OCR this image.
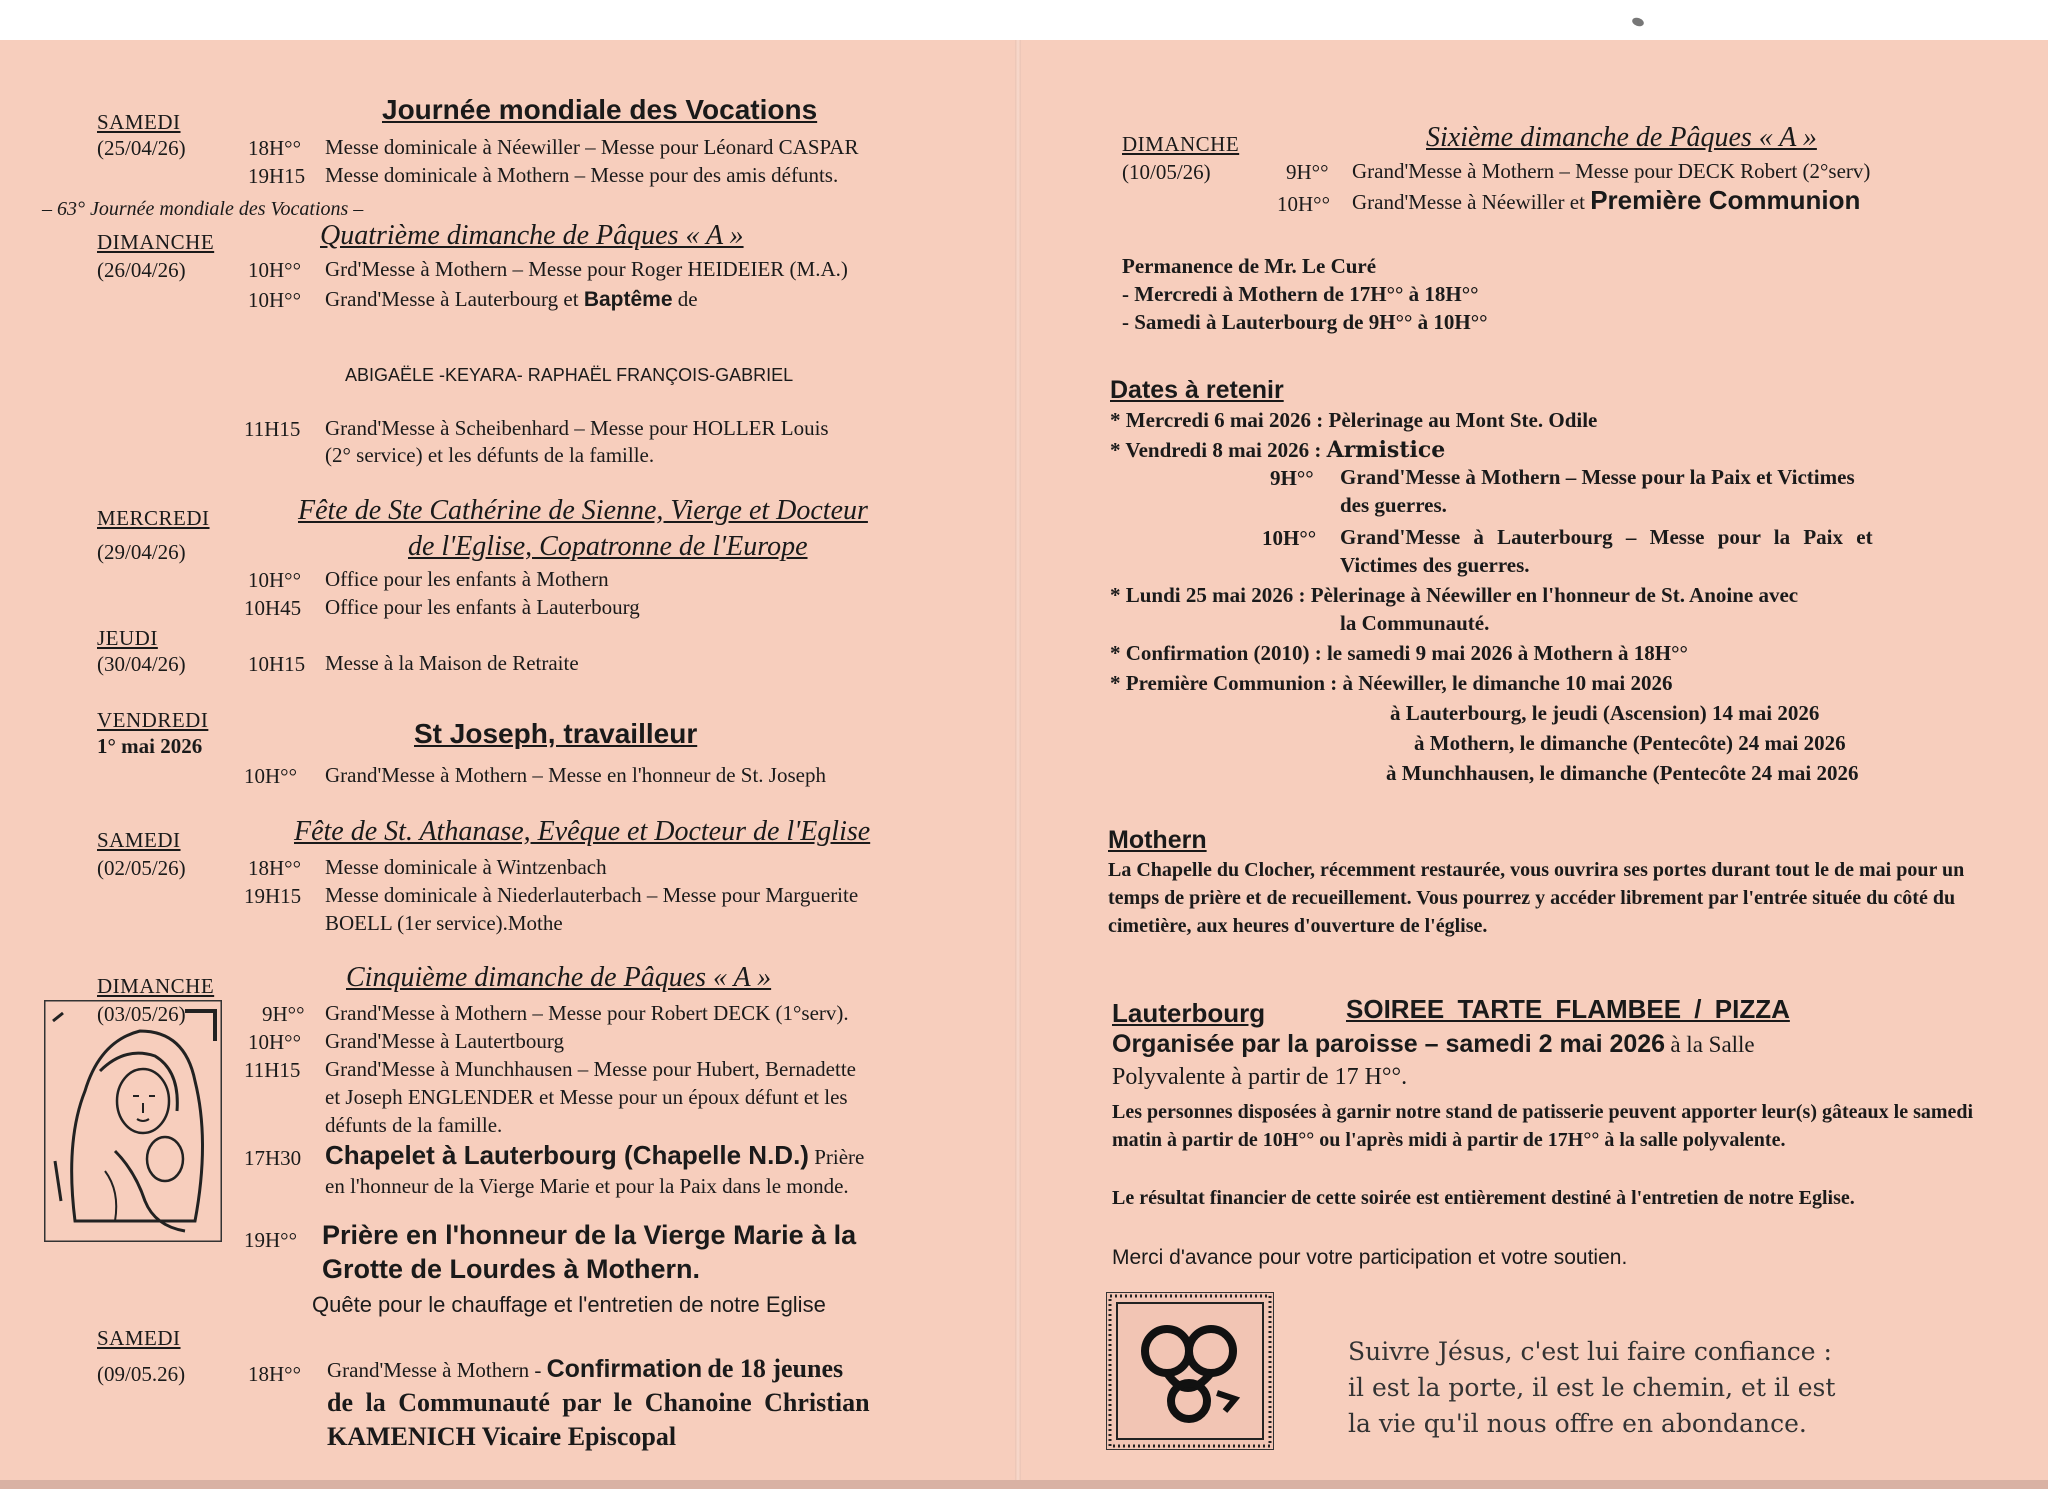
SAMEDI	Journée mondiale des Vocations
(25/04/26)	18H°° Messe dominicale à Néewiller – Messe pour Léonard CASPAR
19H15 Messe dominicale à Mothern – Messe pour des amis défunts.
– 63° Journée mondiale des Vocations –
DIMANCHE	Quatrième dimanche de Pâques « A »
(26/04/26)	10H°° Grd'Messe à Mothern – Messe pour Roger HEIDEIER (M.A.)
10H°° Grand'Messe à Lauterbourg et Baptême de
ABIGAËLE -KEYARA- RAPHAËL FRANÇOIS-GABRIEL
11H15 Grand'Messe à Scheibenhard – Messe pour HOLLER Louis
(2° service) et les défunts de la famille.
MERCREDI	Fête de Ste Cathérine de Sienne, Vierge et Docteur
de l'Eglise, Copatronne de l'Europe
(29/04/26)
10H°° Office pour les enfants à Mothern
10H45 Office pour les enfants à Lauterbourg
JEUDI
(30/04/26)	10H15 Messe à la Maison de Retraite
VENDREDI	St Joseph, travailleur
1° mai 2026
10H°° Grand'Messe à Mothern – Messe en l'honneur de St. Joseph
SAMEDI	Fête de St. Athanase, Evêque et Docteur de l'Eglise
(02/05/26)	18H°° Messe dominicale à Wintzenbach
19H15 Messe dominicale à Niederlauterbach – Messe pour Marguerite
BOELL (1er service).Mothe
DIMANCHE	Cinquième dimanche de Pâques « A »
(03/05/26)	9H°° Grand'Messe à Mothern – Messe pour Robert DECK (1°serv).
10H°° Grand'Messe à Lautertbourg
11H15 Grand'Messe à Munchhausen – Messe pour Hubert, Bernadette
et Joseph ENGLENDER et Messe pour un époux défunt et les
défunts de la famille.
17H30 Chapelet à Lauterbourg (Chapelle N.D.) Prière
en l'honneur de la Vierge Marie et pour la Paix dans le monde.
19H°° Prière en l'honneur de la Vierge Marie à la
Grotte de Lourdes à Mothern.
Quête pour le chauffage et l'entretien de notre Eglise
SAMEDI
(09/05.26)	18H°° Grand'Messe à Mothern - Confirmation de 18 jeunes
de la Communauté par le Chanoine Christian
KAMENICH Vicaire Episcopal
DIMANCHE	Sixième dimanche de Pâques « A »
(10/05/26)	9H°° Grand'Messe à Mothern – Messe pour DECK Robert (2°serv)
10H°° Grand'Messe à Néewiller et Première Communion
Permanence de Mr. Le Curé
- Mercredi à Mothern de 17H°° à 18H°°
- Samedi à Lauterbourg de 9H°° à 10H°°
Dates à retenir
* Mercredi 6 mai 2026 : Pèlerinage au Mont Ste. Odile
* Vendredi 8 mai 2026 : Armistice
9H°° Grand'Messe à Mothern – Messe pour la Paix et Victimes
des guerres.
10H°° Grand'Messe à Lauterbourg – Messe pour la Paix et
Victimes des guerres.
* Lundi 25 mai 2026 : Pèlerinage à Néewiller en l'honneur de St. Anoine avec
la Communauté.
* Confirmation (2010) : le samedi 9 mai 2026 à Mothern à 18H°°
* Première Communion : à Néewiller, le dimanche 10 mai 2026
à Lauterbourg, le jeudi (Ascension) 14 mai 2026
à Mothern, le dimanche (Pentecôte) 24 mai 2026
à Munchhausen, le dimanche (Pentecôte 24 mai 2026
Mothern
La Chapelle du Clocher, récemment restaurée, vous ouvrira ses portes durant tout le de mai pour un temps de prière et de recueillement. Vous pourrez y accéder librement par l'entrée située du côté du cimetière, aux heures d'ouverture de l'église.
Lauterbourg	SOIREE TARTE FLAMBEE / PIZZA
Organisée par la paroisse – samedi 2 mai 2026 à la Salle
Polyvalente à partir de 17 H°°.
Les personnes disposées à garnir notre stand de patisserie peuvent apporter leur(s) gâteaux le samedi matin à partir de 10H°° ou l'après midi à partir de 17H°° à la salle polyvalente.
Le résultat financier de cette soirée est entièrement destiné à l'entretien de notre Eglise.
Merci d'avance pour votre participation et votre soutien.
Suivre Jésus, c'est lui faire confiance :
il est la porte, il est le chemin, et il est
la vie qu'il nous offre en abondance.
